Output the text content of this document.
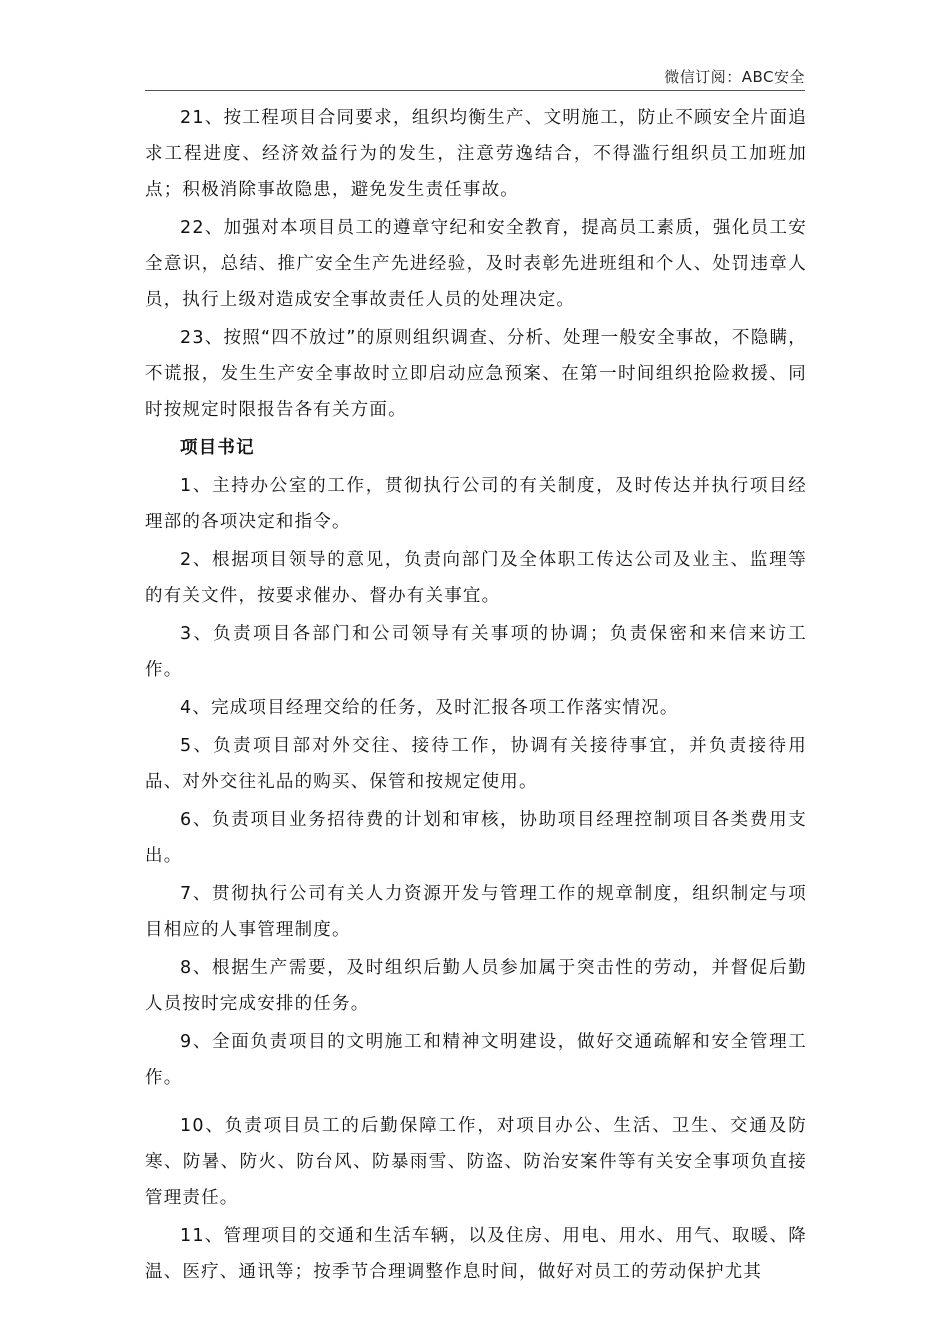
微信订阅：ABC安全

21、按工程项目合同要求，组织均衡生产、文明施工，防止不顾安全片面追求工程进度、经济效益行为的发生，注意劳逸结合，不得滥行组织员工加班加点；积极消除事故隐患，避免发生责任事故。

22、加强对本项目员工的遵章守纪和安全教育，提高员工素质，强化员工安全意识，总结、推广安全生产先进经验，及时表彰先进班组和个人、处罚违章人员，执行上级对造成安全事故责任人员的处理决定。

23、按照“四不放过”的原则组织调查、分析、处理一般安全事故，不隐瞒，不谎报，发生生产安全事故时立即启动应急预案、在第一时间组织抢险救援、同时按规定时限报告各有关方面。

项目书记

1、主持办公室的工作，贯彻执行公司的有关制度，及时传达并执行项目经理部的各项决定和指令。

2、根据项目领导的意见，负责向部门及全体职工传达公司及业主、监理等的有关文件，按要求催办、督办有关事宜。

3、负责项目各部门和公司领导有关事项的协调；负责保密和来信来访工作。

4、完成项目经理交给的任务，及时汇报各项工作落实情况。

5、负责项目部对外交往、接待工作，协调有关接待事宜，并负责接待用品、对外交往礼品的购买、保管和按规定使用。

6、负责项目业务招待费的计划和审核，协助项目经理控制项目各类费用支出。

7、贯彻执行公司有关人力资源开发与管理工作的规章制度，组织制定与项目相应的人事管理制度。

8、根据生产需要，及时组织后勤人员参加属于突击性的劳动，并督促后勤人员按时完成安排的任务。

9、全面负责项目的文明施工和精神文明建设，做好交通疏解和安全管理工作。

10、负责项目员工的后勤保障工作，对项目办公、生活、卫生、交通及防寒、防暑、防火、防台风、防暴雨雪、防盗、防治安案件等有关安全事项负直接管理责任。

11、管理项目的交通和生活车辆，以及住房、用电、用水、用气、取暖、降温、医疗、通讯等；按季节合理调整作息时间，做好对员工的劳动保护尤其
